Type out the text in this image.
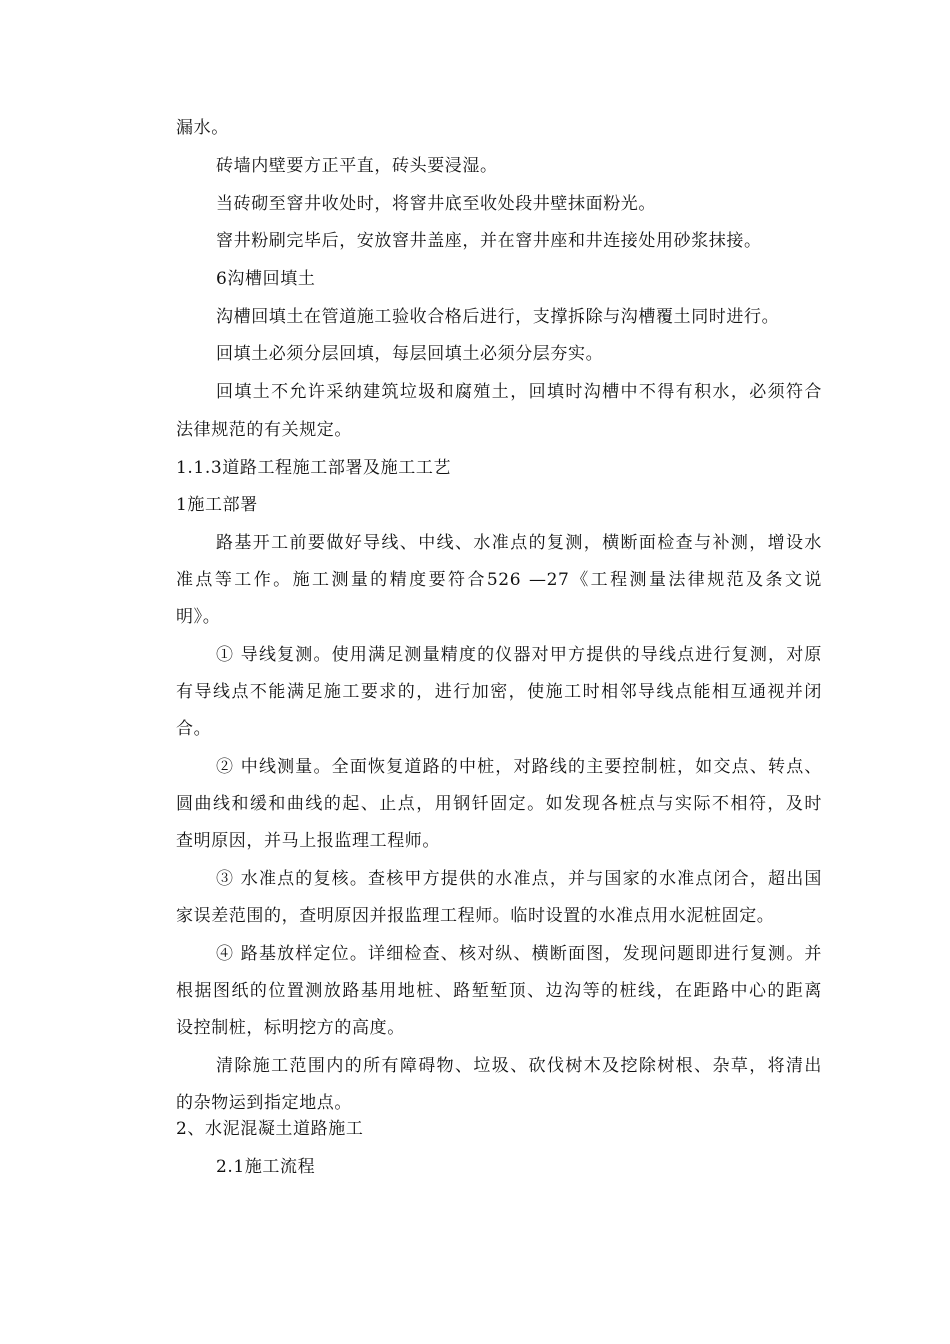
漏水。
砖墙内壁要方正平直，砖头要浸湿。
当砖砌至窨井收处时，将窨井底至收处段井壁抹面粉光。
窨井粉刷完毕后，安放窨井盖座，并在窨井座和井连接处用砂浆抹接。
6沟槽回填土
沟槽回填土在管道施工验收合格后进行，支撑拆除与沟槽覆土同时进行。
回填土必须分层回填，每层回填土必须分层夯实。
回填土不允许采纳建筑垃圾和腐殖土，回填时沟槽中不得有积水，必须符合
法律规范的有关规定。
1.1.3道路工程施工部署及施工工艺
1施工部署
路基开工前要做好导线、中线、水准点的复测，横断面检查与补测，增设水
准点等工作。施工测量的精度要符合526 —27《工程测量法律规范及条文说
明》。
① 导线复测。使用满足测量精度的仪器对甲方提供的导线点进行复测，对原
有导线点不能满足施工要求的，进行加密，使施工时相邻导线点能相互通视并闭
合。
② 中线测量。全面恢复道路的中桩，对路线的主要控制桩，如交点、转点、
圆曲线和缓和曲线的起、止点，用钢钎固定。如发现各桩点与实际不相符，及时
查明原因，并马上报监理工程师。
③ 水准点的复核。查核甲方提供的水准点，并与国家的水准点闭合，超出国
家误差范围的，查明原因并报监理工程师。临时设置的水准点用水泥桩固定。
④ 路基放样定位。详细检查、核对纵、横断面图，发现问题即进行复测。并
根据图纸的位置测放路基用地桩、路堑堑顶、边沟等的桩线，在距路中心的距离
设控制桩，标明挖方的高度。
清除施工范围内的所有障碍物、垃圾、砍伐树木及挖除树根、杂草，将清出
的杂物运到指定地点。
2、水泥混凝土道路施工
2.1施工流程
